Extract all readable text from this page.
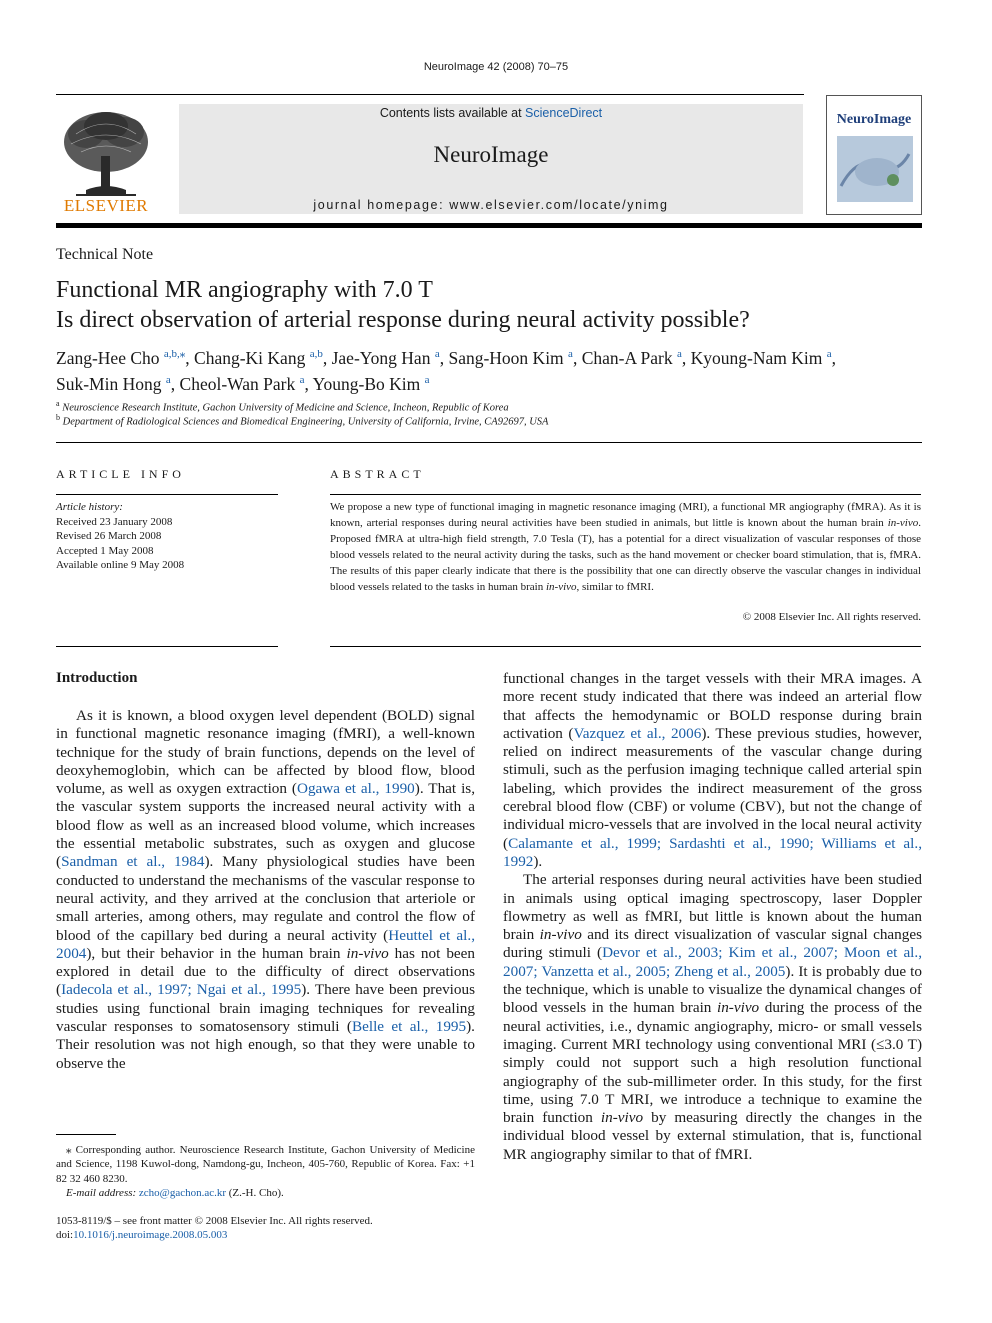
NeuroImage 42 (2008) 70–75
ELSEVIER
Contents lists available at ScienceDirect
NeuroImage
journal homepage: www.elsevier.com/locate/ynimg
NeuroImage
Technical Note
Functional MR angiography with 7.0 T
Is direct observation of arterial response during neural activity possible?
Zang-Hee Cho $^{a,b,⁎}$, Chang-Ki Kang $^{a,b}$, Jae-Yong Han $^a$, Sang-Hoon Kim $^a$, Chan-A Park $^a$, Kyoung-Nam Kim $^a$,
Suk-Min Hong $^a$, Cheol-Wan Park $^a$, Young-Bo Kim $^a$
$^a$ Neuroscience Research Institute, Gachon University of Medicine and Science, Incheon, Republic of Korea
$^b$ Department of Radiological Sciences and Biomedical Engineering, University of California, Irvine, CA92697, USA
ARTICLE INFO
Article history:
Received 23 January 2008
Revised 26 March 2008
Accepted 1 May 2008
Available online 9 May 2008
ABSTRACT
We propose a new type of functional imaging in magnetic resonance imaging (MRI), a functional MR angiography (fMRA). As it is known, arterial responses during neural activities have been studied in animals, but little is known about the human brain in-vivo. Proposed fMRA at ultra-high field strength, 7.0 Tesla (T), has a potential for a direct visualization of vascular responses of those blood vessels related to the neural activity during the tasks, such as the hand movement or checker board stimulation, that is, fMRA. The results of this paper clearly indicate that there is the possibility that one can directly observe the vascular changes in individual blood vessels related to the tasks in human brain in-vivo, similar to fMRI.
© 2008 Elsevier Inc. All rights reserved.
Introduction

As it is known, a blood oxygen level dependent (BOLD) signal in functional magnetic resonance imaging (fMRI), a well-known technique for the study of brain functions, depends on the level of deoxyhemoglobin, which can be affected by blood flow, blood volume, as well as oxygen extraction (Ogawa et al., 1990). That is, the vascular system supports the increased neural activity with a blood flow as well as an increased blood volume, which increases the essential metabolic substrates, such as oxygen and glucose (Sandman et al., 1984). Many physiological studies have been conducted to understand the mechanisms of the vascular response to neural activity, and they arrived at the conclusion that arteriole or small arteries, among others, may regulate and control the flow of blood of the capillary bed during a neural activity (Heuttel et al., 2004), but their behavior in the human brain in-vivo has not been explored in detail due to the difficulty of direct observations (Iadecola et al., 1997; Ngai et al., 1995). There have been previous studies using functional brain imaging techniques for revealing vascular responses to somatosensory stimuli (Belle et al., 1995). Their resolution was not high enough, so that they were unable to observe the

functional changes in the target vessels with their MRA images. A more recent study indicated that there was indeed an arterial flow that affects the hemodynamic or BOLD response during brain activation (Vazquez et al., 2006). These previous studies, however, relied on indirect measurements of the vascular change during stimuli, such as the perfusion imaging technique called arterial spin labeling, which provides the indirect measurement of the gross cerebral blood flow (CBF) or volume (CBV), but not the change of individual micro-vessels that are involved in the local neural activity (Calamante et al., 1999; Sardashti et al., 1990; Williams et al., 1992).

The arterial responses during neural activities have been studied in animals using optical imaging spectroscopy, laser Doppler flowmetry as well as fMRI, but little is known about the human brain in-vivo and its direct visualization of vascular signal changes during stimuli (Devor et al., 2003; Kim et al., 2007; Moon et al., 2007; Vanzetta et al., 2005; Zheng et al., 2005). It is probably due to the technique, which is unable to visualize the dynamical changes of blood vessels in the human brain in-vivo during the process of the neural activities, i.e., dynamic angiography, micro- or small vessels imaging. Current MRI technology using conventional MRI (≤3.0 T) simply could not support such a high resolution functional angiography of the sub-millimeter order. In this study, for the first time, using 7.0 T MRI, we introduce a technique to examine the brain function in-vivo by measuring directly the changes in the individual blood vessel by external stimulation, that is, functional MR angiography similar to that of fMRI.

⁎ Corresponding author. Neuroscience Research Institute, Gachon University of Medicine and Science, 1198 Kuwol-dong, Namdong-gu, Incheon, 405-760, Republic of Korea. Fax: +1 82 32 460 8230.
E-mail address: zcho@gachon.ac.kr (Z.-H. Cho).
1053-8119/$ – see front matter © 2008 Elsevier Inc. All rights reserved.
doi:10.1016/j.neuroimage.2008.05.003
